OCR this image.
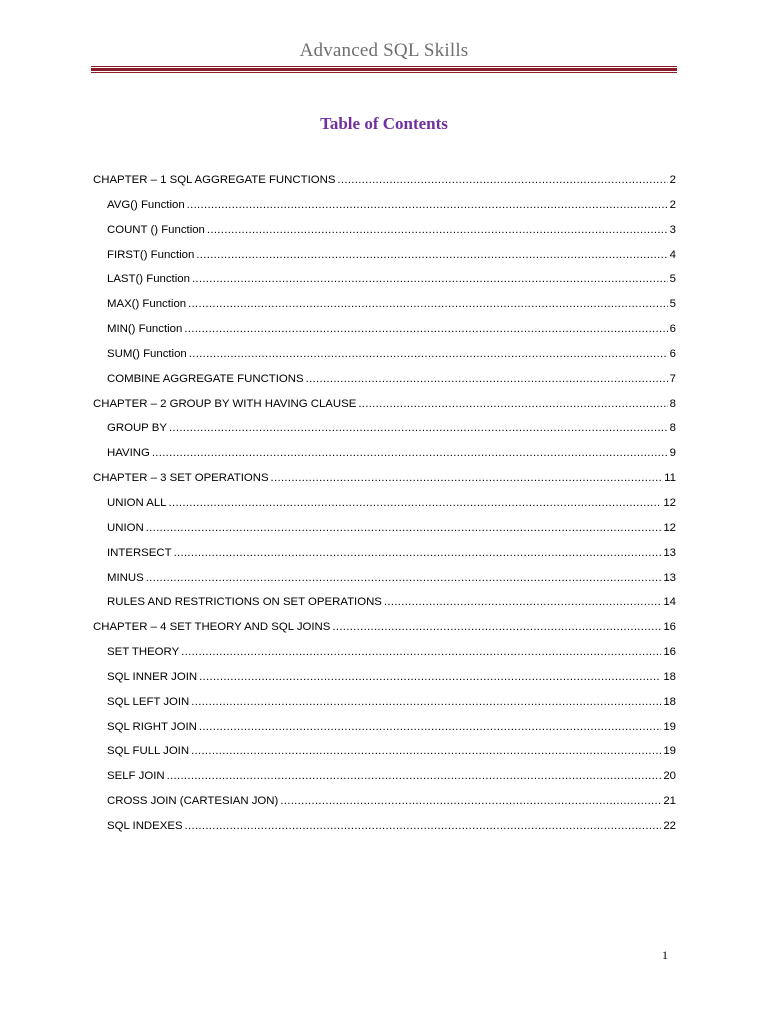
Advanced SQL Skills
Table of Contents
CHAPTER – 1 SQL AGGREGATE FUNCTIONS .....	2
AVG() Function .....	2
COUNT () Function .....	3
FIRST() Function .....	4
LAST() Function .....	5
MAX() Function .....	5
MIN() Function .....	6
SUM() Function .....	6
COMBINE AGGREGATE FUNCTIONS .....	7
CHAPTER – 2 GROUP BY WITH HAVING CLAUSE .....	8
GROUP BY .....	8
HAVING .....	9
CHAPTER – 3 SET OPERATIONS .....	11
UNION ALL .....	12
UNION .....	12
INTERSECT .....	13
MINUS .....	13
RULES AND RESTRICTIONS ON SET OPERATIONS .....	14
CHAPTER – 4 SET THEORY AND SQL JOINS .....	16
SET THEORY .....	16
SQL INNER JOIN .....	18
SQL LEFT JOIN .....	18
SQL RIGHT JOIN .....	19
SQL FULL JOIN .....	19
SELF JOIN .....	20
CROSS JOIN (CARTESIAN JON) .....	21
SQL INDEXES .....	22
1
